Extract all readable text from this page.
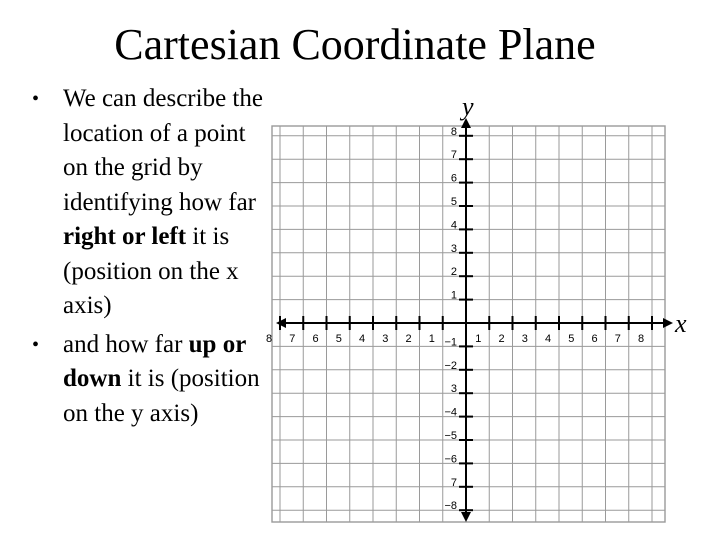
Cartesian Coordinate Plane
• We can describe the location of a point on the grid by identifying how far right or left it is (position on the x axis)
• and how far up or down it is (position on the y axis)
8 7 6 5 4 3 2 1	1 2 3 4 5 6 7 8
8
7
6
5
4
3
2
1
−1
−2
3
−4
−5
−6
7
−8
x
y
